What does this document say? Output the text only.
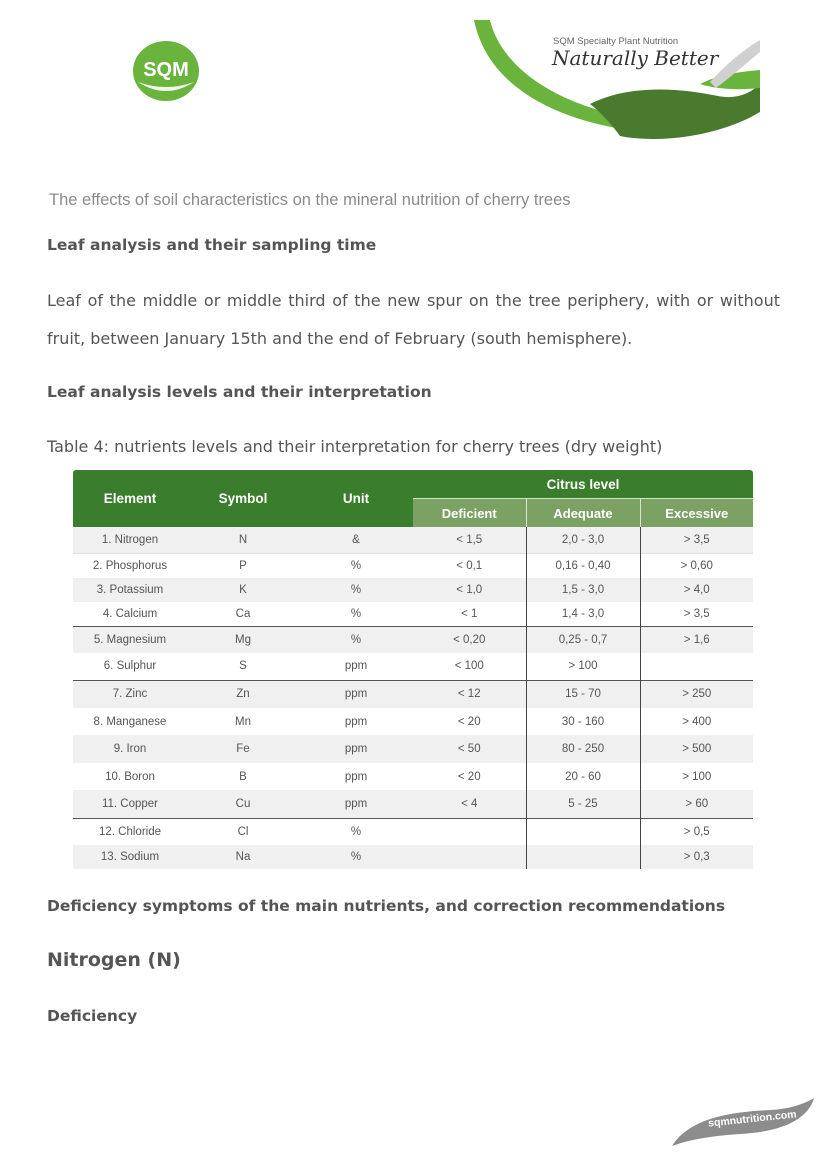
SQM
SQM Specialty Plant Nutrition
Naturally Better
The effects of soil characteristics on the mineral nutrition of cherry trees
Leaf analysis and their sampling time
Leaf of the middle or middle third of the new spur on the tree periphery, with or without fruit, between January 15th and the end of February (south hemisphere).
Leaf analysis levels and their interpretation
Table 4: nutrients levels and their interpretation for cherry trees (dry weight)
Element	Symbol	Unit	Citrus level		
			Deficient	Adequate	Excessive
1. Nitrogen	N	&	< 1,5	2,0 - 3,0	> 3,5
2. Phosphorus	P	%	< 0,1	0,16 - 0,40	> 0,60
3. Potassium	K	%	< 1,0	1,5 - 3,0	> 4,0
4. Calcium	Ca	%	< 1	1,4 - 3,0	> 3,5
5. Magnesium	Mg	%	< 0,20	0,25 - 0,7	> 1,6
6. Sulphur	S	ppm	< 100	> 100	
7. Zinc	Zn	ppm	< 12	15 - 70	> 250
8. Manganese	Mn	ppm	< 20	30 - 160	> 400
9. Iron	Fe	ppm	< 50	80 - 250	> 500
10. Boron	B	ppm	< 20	20 - 60	> 100
11. Copper	Cu	ppm	< 4	5 - 25	> 60
12. Chloride	Cl	%			> 0,5
13. Sodium	Na	%			> 0,3
Deficiency symptoms of the main nutrients, and correction recommendations
Nitrogen (N)
Deficiency
sqmnutrition.com
